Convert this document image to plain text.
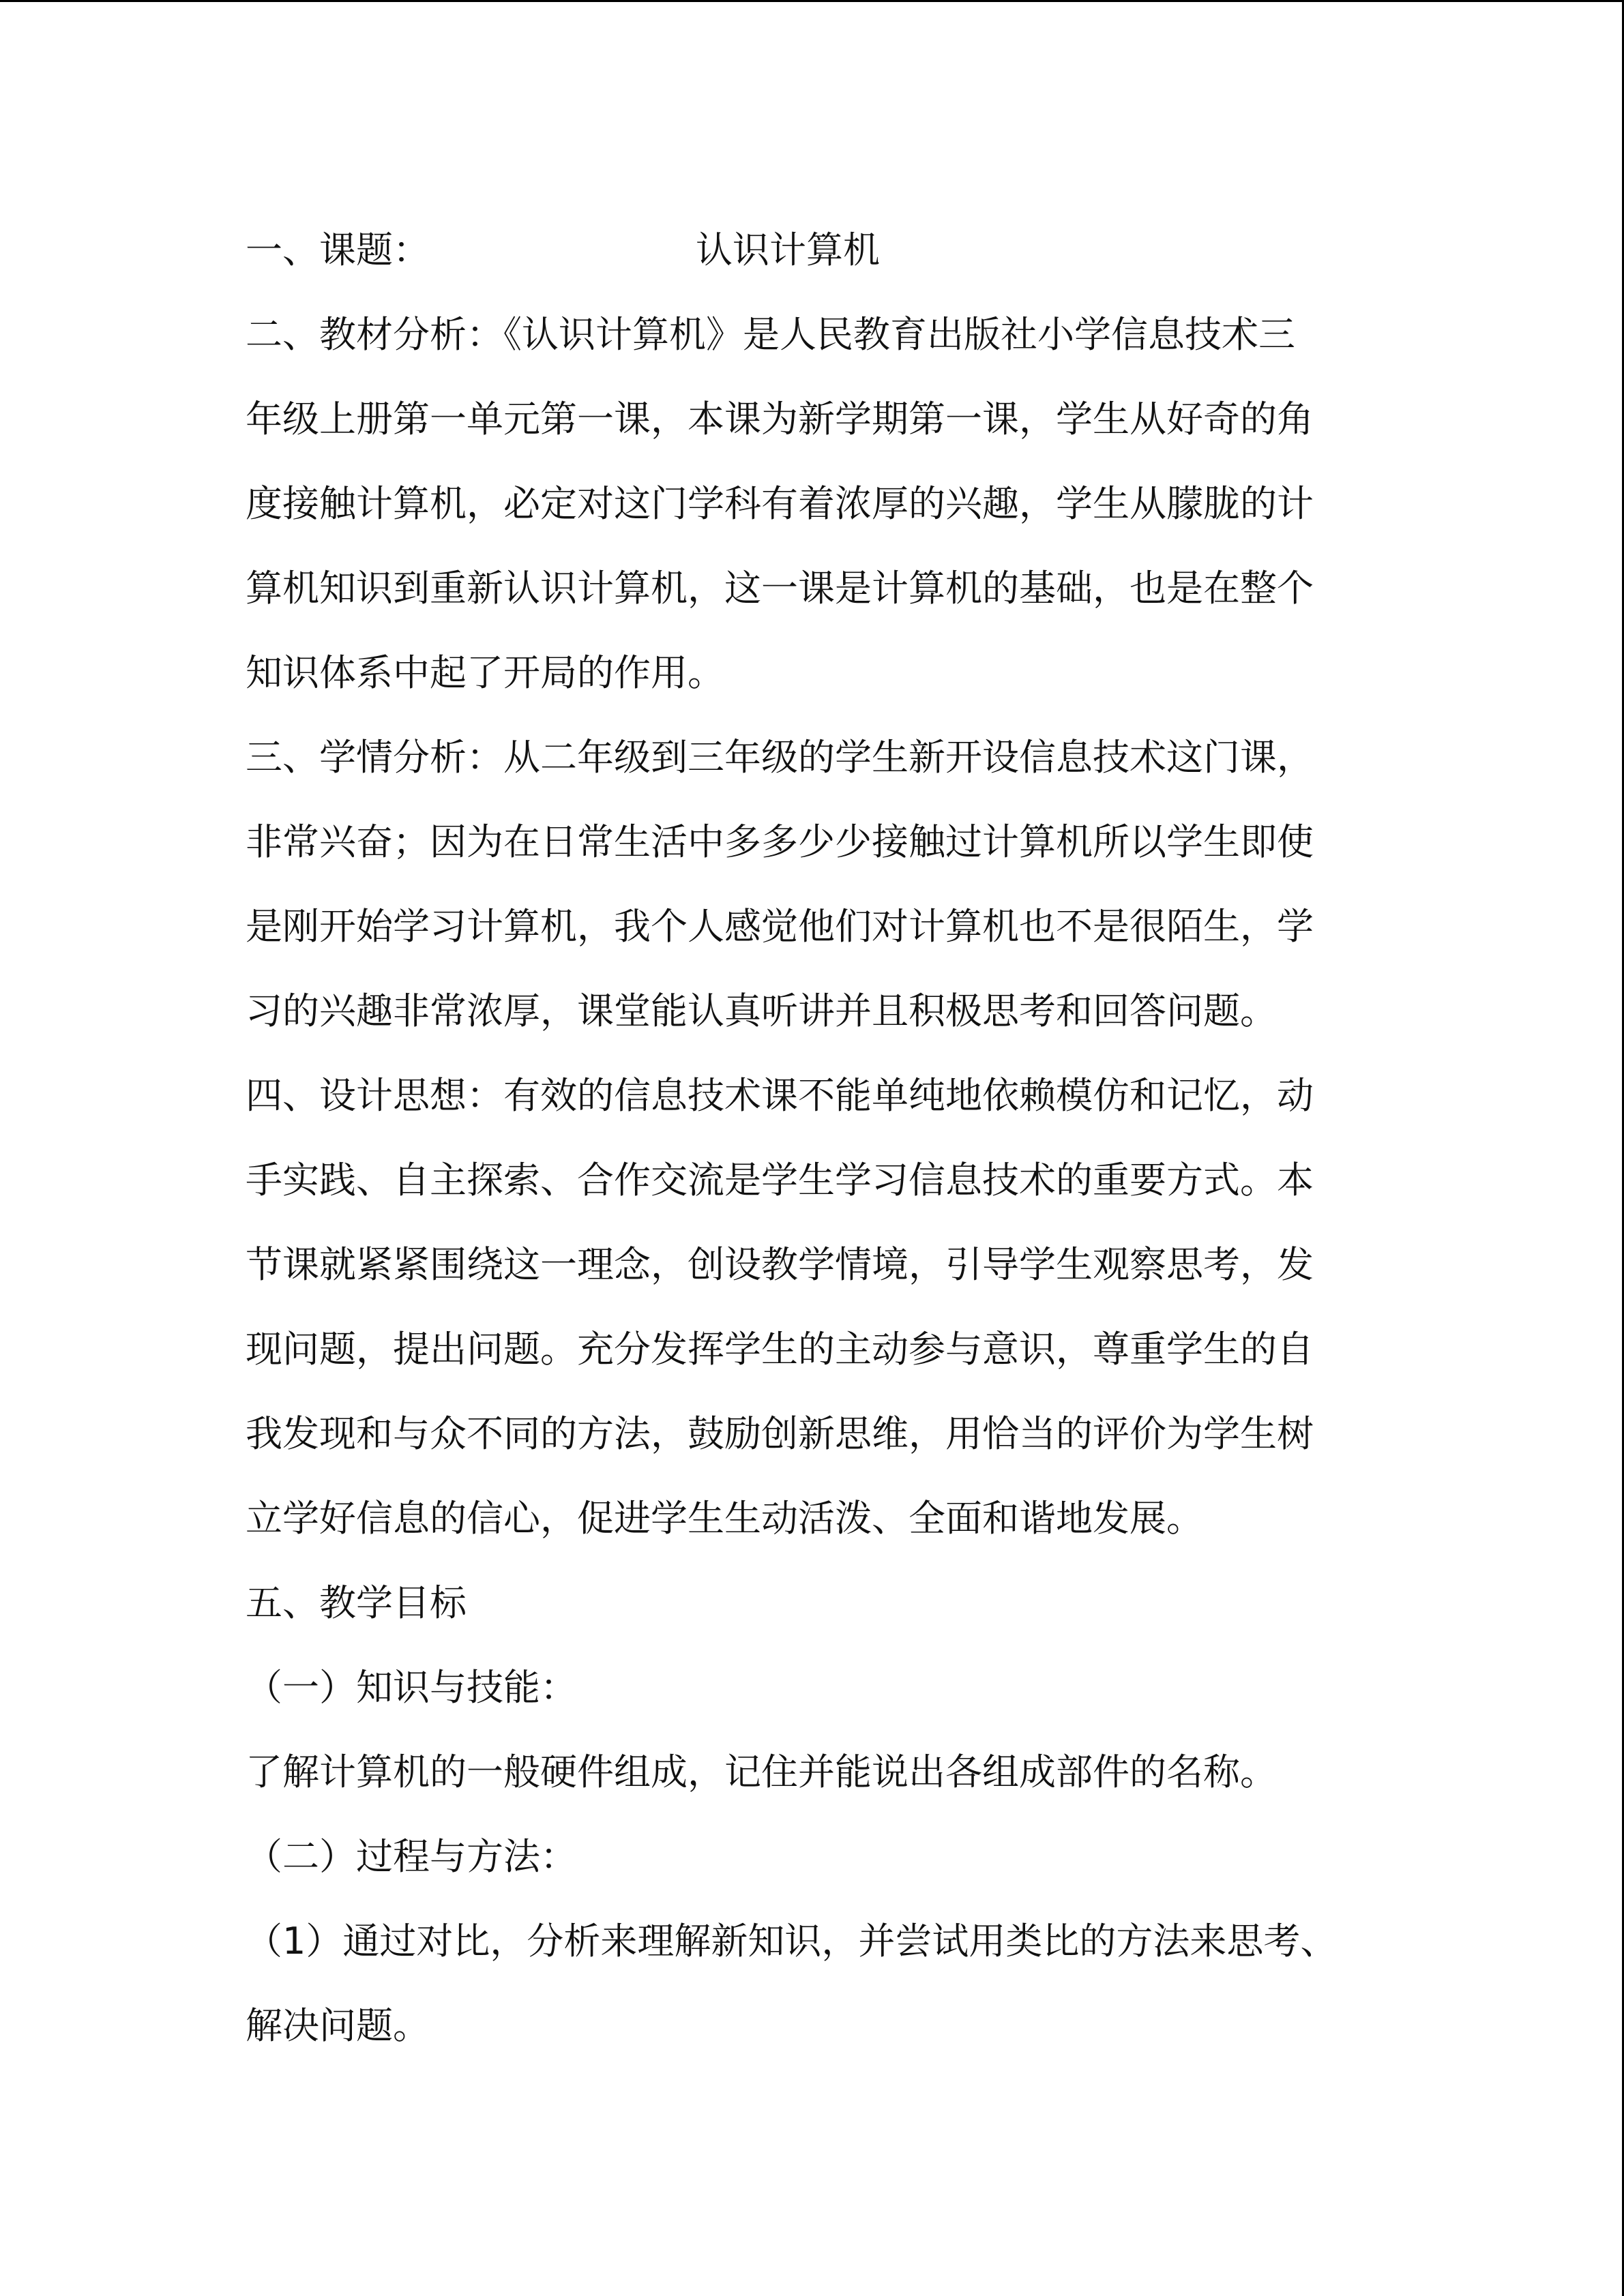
一、课题：	认识计算机

二、教材分析：《认识计算机》是人民教育出版社小学信息技术三

年级上册第一单元第一课，本课为新学期第一课，学生从好奇的角

度接触计算机，必定对这门学科有着浓厚的兴趣，学生从朦胧的计

算机知识到重新认识计算机，这一课是计算机的基础，也是在整个

知识体系中起了开局的作用。

三、学情分析：从二年级到三年级的学生新开设信息技术这门课，

非常兴奋；因为在日常生活中多多少少接触过计算机所以学生即使

是刚开始学习计算机，我个人感觉他们对计算机也不是很陌生，学

习的兴趣非常浓厚，课堂能认真听讲并且积极思考和回答问题。

四、设计思想：有效的信息技术课不能单纯地依赖模仿和记忆，动

手实践、自主探索、合作交流是学生学习信息技术的重要方式。本

节课就紧紧围绕这一理念，创设教学情境，引导学生观察思考，发

现问题，提出问题。充分发挥学生的主动参与意识，尊重学生的自

我发现和与众不同的方法，鼓励创新思维，用恰当的评价为学生树

立学好信息的信心，促进学生生动活泼、全面和谐地发展。

五、教学目标

（一）知识与技能：

了解计算机的一般硬件组成，记住并能说出各组成部件的名称。

（二）过程与方法：

（1）通过对比，分析来理解新知识，并尝试用类比的方法来思考、

解决问题。
